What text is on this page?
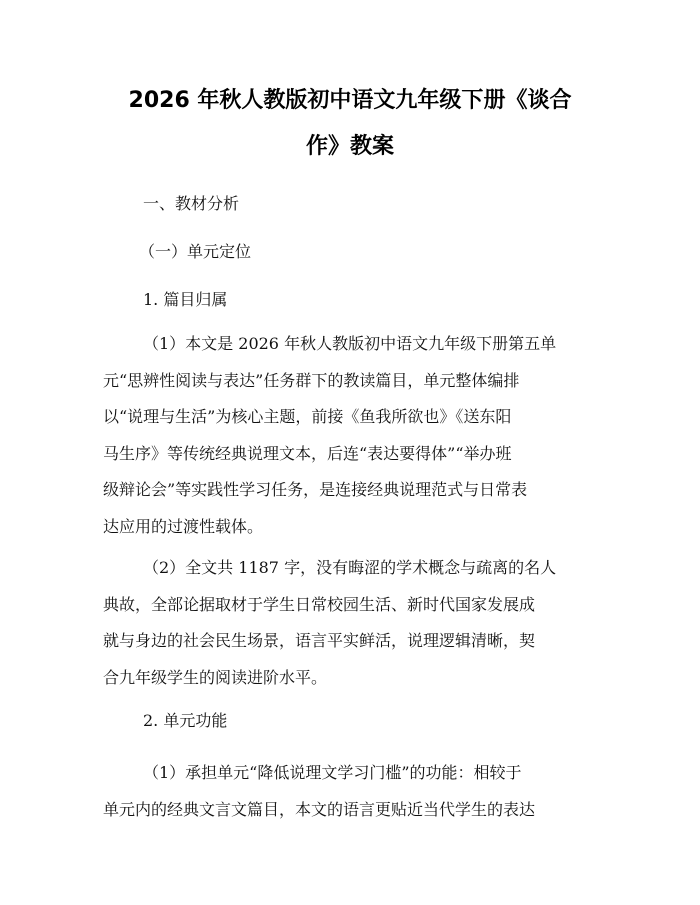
2026 年秋人教版初中语文九年级下册《谈合
作》教案

一、教材分析

（一）单元定位

1. 篇目归属

（1）本文是 2026 年秋人教版初中语文九年级下册第五单
元“思辨性阅读与表达”任务群下的教读篇目，单元整体编排
以“说理与生活”为核心主题，前接《鱼我所欲也》《送东阳
马生序》等传统经典说理文本，后连“表达要得体”“举办班
级辩论会”等实践性学习任务，是连接经典说理范式与日常表
达应用的过渡性载体。
（2）全文共 1187 字，没有晦涩的学术概念与疏离的名人
典故，全部论据取材于学生日常校园生活、新时代国家发展成
就与身边的社会民生场景，语言平实鲜活，说理逻辑清晰，契
合九年级学生的阅读进阶水平。

2. 单元功能

（1）承担单元“降低说理文学习门槛”的功能：相较于
单元内的经典文言文篇目，本文的语言更贴近当代学生的表达
